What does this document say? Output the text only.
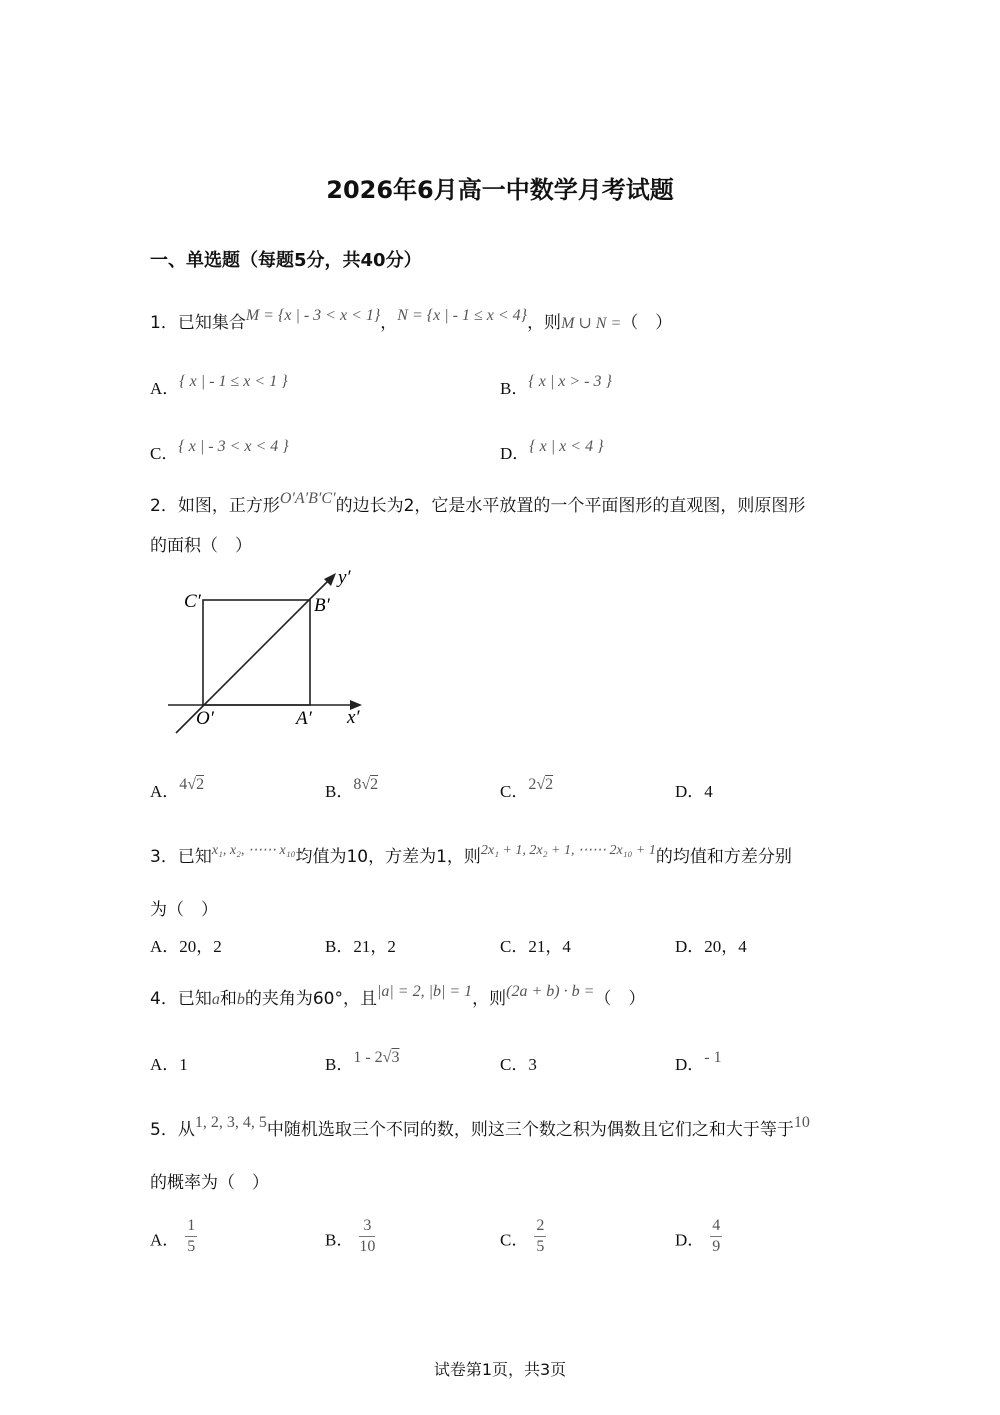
2026年6月高一中数学月考试题
一、单选题（每题5分，共40分）
1．已知集合M = {x | - 3 < x < 1}，N = {x | - 1 ≤ x < 4}，则M ∪ N =（　）
A．{ x | - 1 ≤ x < 1 }	B．{ x | x > - 3 }
C．{ x | - 3 < x < 4 }	D．{ x | x < 4 }
2．如图，正方形O′A′B′C′的边长为2，它是水平放置的一个平面图形的直观图，则原图形
的面积（　）
C′	B′
O′	A′ x′
y′
A．4√2	B．8√2	C．2√2	D．4
3．已知$^{x_1, x_2, \cdots\cdots x_{10}}$均值为10，方差为1，则$^{2x_1 + 1, 2x_2 + 1, \cdots\cdots 2x_{10} + 1}$的均值和方差分别
为（　）
A．20，2	B．21，2	C．21，4	D．20，4
4．已知a和b的夹角为60°，且|a| = 2, |b| = 1，则(2a + b) · b =（　）
A．1	B．1 - 2√3	C．3	D．- 1
5．从1, 2, 3, 4, 5中随机选取三个不同的数，则这三个数之积为偶数且它们之和大于等于10
的概率为（　）
A． $\frac{1}{5}$	B． $\frac{3}{10}$	C． $\frac{2}{5}$	D． $\frac{4}{9}$
试卷第1页，共3页
